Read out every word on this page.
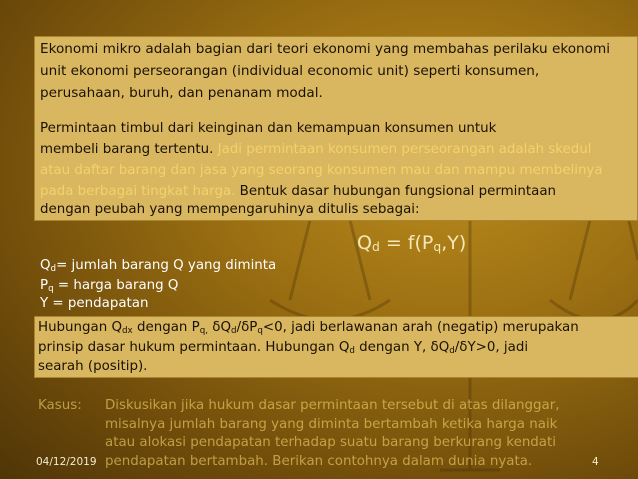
Ekonomi mikro adalah bagian dari teori ekonomi yang membahas perilaku ekonomi
unit ekonomi perseorangan (individual economic unit) seperti konsumen,
perusahaan, buruh, dan penanam modal.
Permintaan timbul dari keinginan dan kemampuan konsumen untuk
membeli barang tertentu. Jadi permintaan konsumen perseorangan adalah skedul
atau daftar barang dan jasa yang seorang konsumen mau dan mampu membelinya
pada berbagai tingkat harga. Bentuk dasar hubungan fungsional permintaan
dengan peubah yang mempengaruhinya ditulis sebagai:
$Q_d = f(P_q,Y)$
$Q_d=$ jumlah barang Q yang diminta
$P_q$ = harga barang Q
Y = pendapatan
Hubungan $Q_{dx}$ dengan $P_{q,}$ $\delta Q_d/\delta P_q<0$, jadi berlawanan arah (negatip) merupakan
prinsip dasar hukum permintaan. Hubungan $Q_d$ dengan Y, $\delta Q_d/\delta Y>0$, jadi
searah (positip).
Kasus: Diskusikan jika hukum dasar permintaan tersebut di atas dilanggar,
misalnya jumlah barang yang diminta bertambah ketika harga naik
atau alokasi pendapatan terhadap suatu barang berkurang kendati
pendapatan bertambah. Berikan contohnya dalam dunia nyata.
04/12/2019	4
